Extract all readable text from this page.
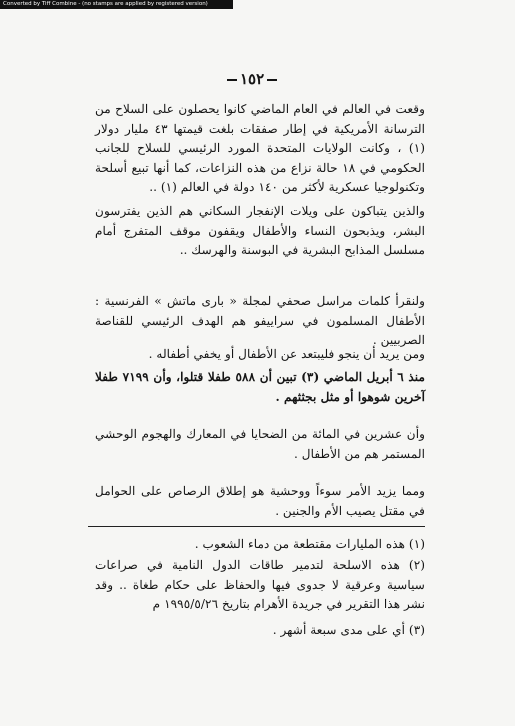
Converted by Tiff Combine - (no stamps are applied by registered version)
١٥٢

وقعت في العالم في العام الماضي كانوا يحصلون على السلاح من الترسانة الأمريكية في إطار صفقات بلغت قيمتها ٤٣ مليار دولار (١) ، وكانت الولايات المتحدة المورد الرئيسي للسلاح للجانب الحكومي في ١٨ حالة نزاع من هذه النزاعات، كما أنها تبيع أسلحة وتكنولوجيا عسكرية لأكثر من ١٤٠ دولة في العالم (١) ..

والذين يتباكون على ويلات الإنفجار السكاني هم الذين يفترسون البشر، ويذبحون النساء والأطفال ويقفون موقف المتفرج أمام مسلسل المذابح البشرية في البوسنة والهرسك ..

ولنقرأ كلمات مراسل صحفي لمجلة « بارى ماتش » الفرنسية : الأطفال المسلمون في سراييفو هم الهدف الرئيسي للقناصة الصربيين .

ومن يريد أن ينجو فليبتعد عن الأطفال أو يخفي أطفاله .

منذ ٦ أبريل الماضي (٣) تبين أن ٥٨٨ طفلا قتلوا، وأن ٧١٩٩ طفلا آخرين شوهوا أو مثل بجثثهم .

وأن عشرين في المائة من الضحايا في المعارك والهجوم الوحشي المستمر هم من الأطفال .

ومما يزيد الأمر سوءاً ووحشية هو إطلاق الرصاص على الحوامل في مقتل يصيب الأم والجنين .

(١) هذه المليارات مقتطعة من دماء الشعوب .

(٢) هذه الاسلحة لتدمير طاقات الدول النامية في صراعات سياسية وعرقية لا جدوى فيها والحفاظ على حكام طغاة .. وقد نشر هذا التقرير في جريدة الأهرام بتاريخ ١٩٩٥/٥/٢٦ م

(٣) أي على مدى سبعة أشهر .
